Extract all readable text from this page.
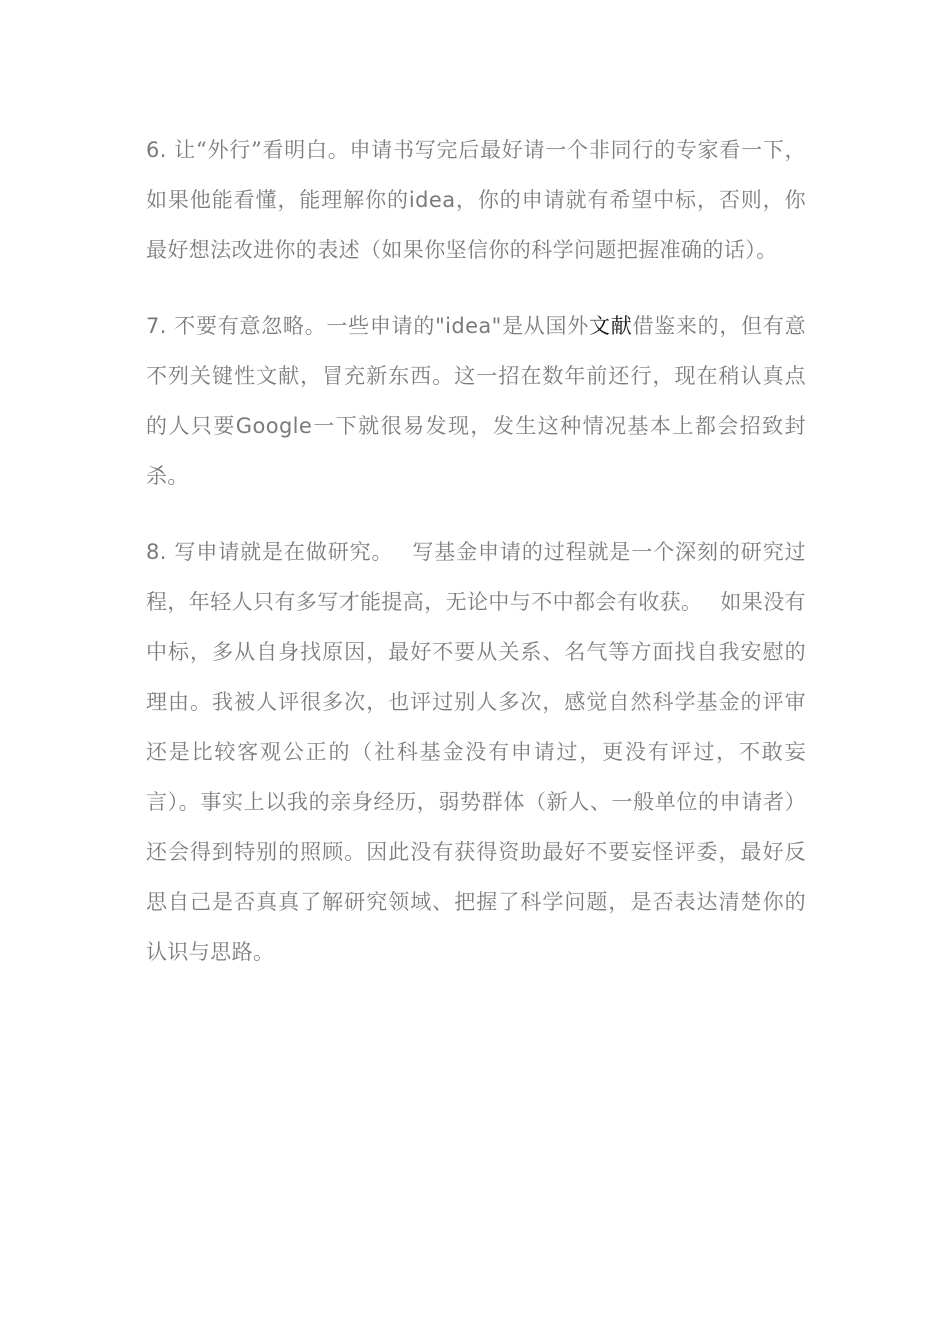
6. 让“外行”看明白。申请书写完后最好请一个非同行的专家看一下，如果他能看懂，能理解你的idea，你的申请就有希望中标，否则，你最好想法改进你的表述（如果你坚信你的科学问题把握准确的话）。

7. 不要有意忽略。一些申请的"idea"是从国外文献借鉴来的，但有意不列关键性文献，冒充新东西。这一招在数年前还行，现在稍认真点的人只要Google一下就很易发现，发生这种情况基本上都会招致封杀。

8. 写申请就是在做研究。　 写基金申请的过程就是一个深刻的研究过程，年轻人只有多写才能提高，无论中与不中都会有收获。　 如果没有中标，多从自身找原因，最好不要从关系、名气等方面找自我安慰的理由。我被人评很多次，也评过别人多次，感觉自然科学基金的评审还是比较客观公正的（社科基金没有申请过，更没有评过，不敢妄言）。事实上以我的亲身经历，弱势群体（新人、一般单位的申请者）还会得到特别的照顾。因此没有获得资助最好不要妄怪评委，最好反思自己是否真真了解研究领域、把握了科学问题，是否表达清楚你的认识与思路。
